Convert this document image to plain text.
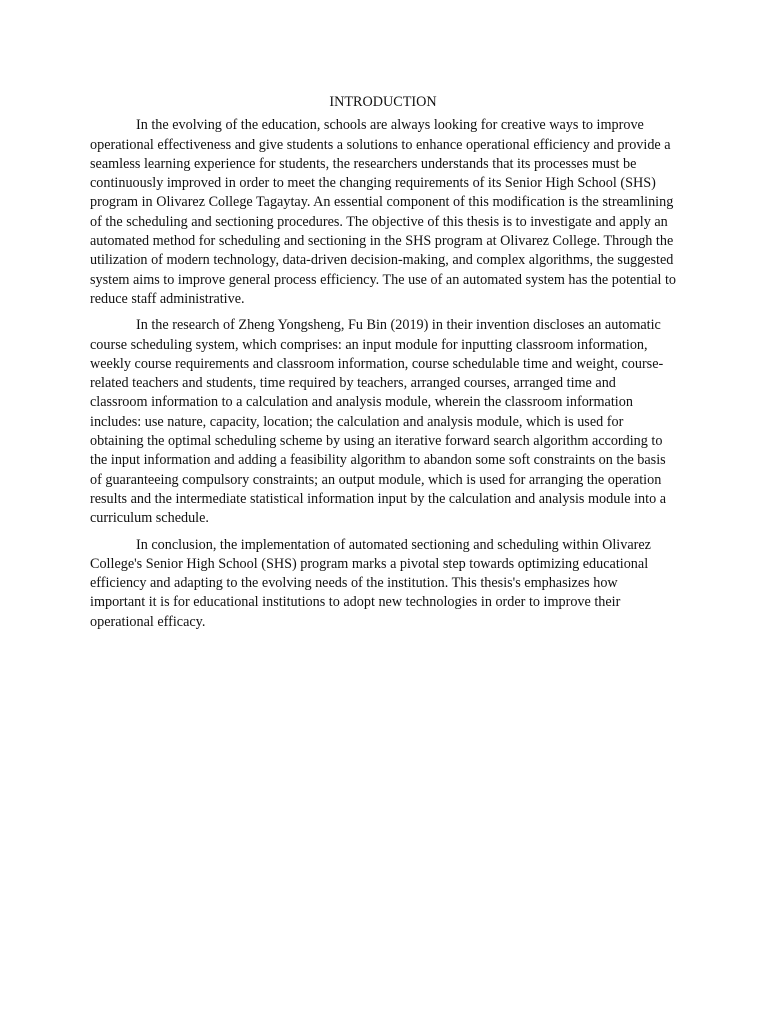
INTRODUCTION

In the evolving of the education, schools are always looking for creative ways to improve operational effectiveness and give students a solutions to enhance operational efficiency and provide a seamless learning experience for students, the researchers understands that its processes must be continuously improved in order to meet the changing requirements of its Senior High School (SHS) program in Olivarez College Tagaytay. An essential component of this modification is the streamlining of the scheduling and sectioning procedures. The objective of this thesis is to investigate and apply an automated method for scheduling and sectioning in the SHS program at Olivarez College. Through the utilization of modern technology, data-driven decision-making, and complex algorithms, the suggested system aims to improve general process efficiency. The use of an automated system has the potential to reduce staff administrative.

In the research of Zheng Yongsheng, Fu Bin (2019) in their invention discloses an automatic course scheduling system, which comprises: an input module for inputting classroom information, weekly course requirements and classroom information, course schedulable time and weight, course-related teachers and students, time required by teachers, arranged courses, arranged time and classroom information to a calculation and analysis module, wherein the classroom information includes: use nature, capacity, location; the calculation and analysis module, which is used for obtaining the optimal scheduling scheme by using an iterative forward search algorithm according to the input information and adding a feasibility algorithm to abandon some soft constraints on the basis of guaranteeing compulsory constraints; an output module, which is used for arranging the operation results and the intermediate statistical information input by the calculation and analysis module into a curriculum schedule.

In conclusion, the implementation of automated sectioning and scheduling within Olivarez College's Senior High School (SHS) program marks a pivotal step towards optimizing educational efficiency and adapting to the evolving needs of the institution. This thesis's emphasizes how important it is for educational institutions to adopt new technologies in order to improve their operational efficacy.
